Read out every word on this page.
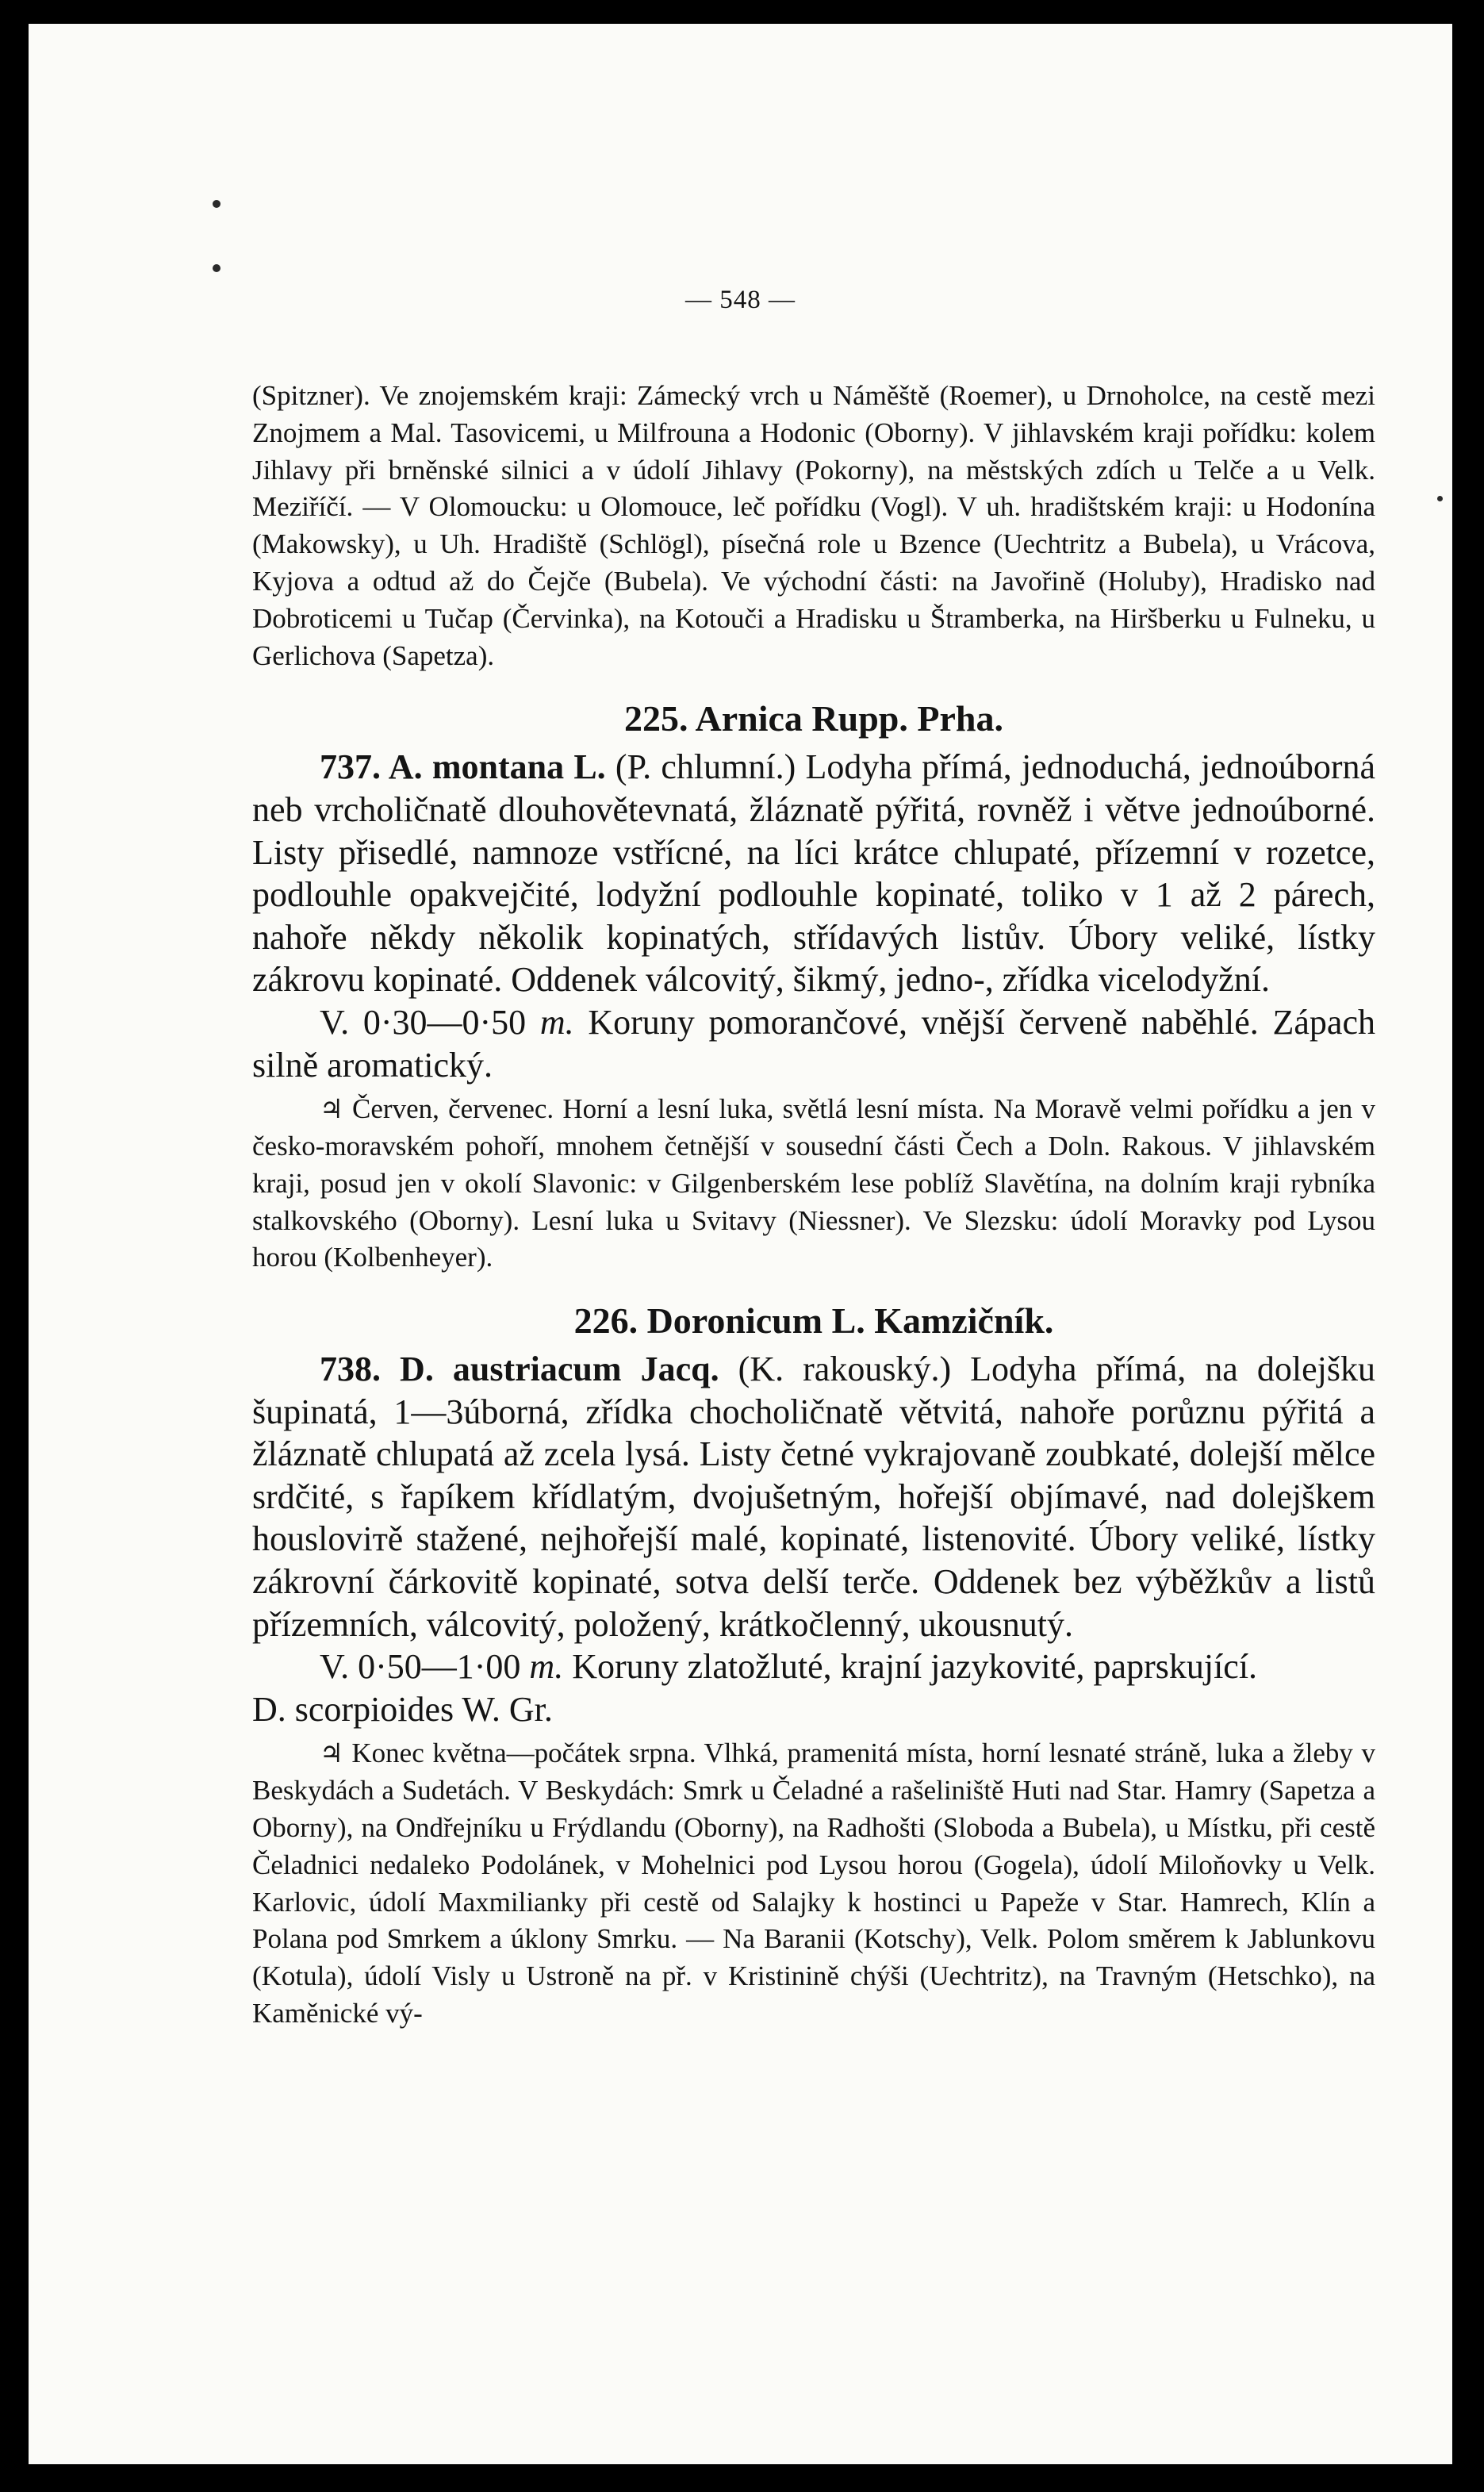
— 548 —

(Spitzner). Ve znojemském kraji: Zámecký vrch u Náměště (Roemer), u Drnoholce, na cestě mezi Znojmem a Mal. Tasovicemi, u Milfrouna a Hodonic (Oborny). V jihlavském kraji pořídku: kolem Jihlavy při brněnské silnici a v údolí Jihlavy (Pokorny), na městských zdích u Telče a u Velk. Meziříčí. — V Olomoucku: u Olomouce, leč pořídku (Vogl). V uh. hradištském kraji: u Hodonína (Makowsky), u Uh. Hradiště (Schlögl), písečná role u Bzence (Uechtritz a Bubela), u Vrácova, Kyjova a odtud až do Čejče (Bubela). Ve východní části: na Javořině (Holuby), Hradisko nad Dobroticemi u Tučap (Červinka), na Kotouči a Hradisku u Štramberka, na Hiršberku u Fulneku, u Gerlichova (Sapetza).

225. Arnica Rupp. Prha.

737. A. montana L. (P. chlumní.) Lodyha přímá, jednoduchá, jednoúborná neb vrcholičnatě dlouhovětevnatá, žláznatě pýřitá, rovněž i větve jednoúborné. Listy přisedlé, namnoze vstřícné, na líci krátce chlupaté, přízemní v rozetce, podlouhle opakvejčité, lodyžní podlouhle kopinaté, toliko v 1 až 2 párech, nahoře někdy několik kopinatých, střídavých listův. Úbory veliké, lístky zákrovu kopinaté. Oddenek válcovitý, šikmý, jedno-, zřídka vicelodyžní.

V. 0·30—0·50 m. Koruny pomorančové, vnější červeně naběhlé. Zápach silně aromatický.

♃ Červen, červenec. Horní a lesní luka, světlá lesní místa. Na Moravě velmi pořídku a jen v česko-moravském pohoří, mnohem četnější v sousední části Čech a Doln. Rakous. V jihlavském kraji, posud jen v okolí Slavonic: v Gilgenberském lese poblíž Slavětína, na dolním kraji rybníka stalkovského (Oborny). Lesní luka u Svitavy (Niessner). Ve Slezsku: údolí Moravky pod Lysou horou (Kolbenheyer).

226. Doronicum L. Kamzičník.

738. D. austriacum Jacq. (K. rakouský.) Lodyha přímá, na dolejšku šupinatá, 1—3úborná, zřídka chocholičnatě větvitá, nahoře porůznu pýřitá a žláznatě chlupatá až zcela lysá. Listy četné vykrajovaně zoubkaté, dolejší mělce srdčité, s řapíkem křídlatým, dvojušetným, hořejší objímavé, nad dolejškem housloviтě stažené, nejhořejší malé, kopinaté, listenovité. Úbory veliké, lístky zákrovní čárkovitě kopinaté, sotva delší terče. Oddenek bez výběžkův a listů přízemních, válcovitý, položený, krátkočlenný, ukousnutý.

V. 0·50—1·00 m. Koruny zlatožluté, krajní jazykovité, paprskující.

D. scorpioides W. Gr.

♃ Konec května—počátek srpna. Vlhká, pramenitá místa, horní lesnaté stráně, luka a žleby v Beskydách a Sudetách. V Beskydách: Smrk u Čeladné a rašeliniště Huti nad Star. Hamry (Sapetza a Oborny), na Ondřejníku u Frýdlandu (Oborny), na Radhošti (Sloboda a Bubela), u Místku, při cestě Čeladnici nedaleko Podolánek, v Mohelnici pod Lysou horou (Gogela), údolí Miloňovky u Velk. Karlovic, údolí Maxmilianky při cestě od Salajky k hostinci u Papeže v Star. Hamrech, Klín a Polana pod Smrkem a úklony Smrku. — Na Baranii (Kotschy), Velk. Polom směrem k Jablunkovu (Kotula), údolí Visly u Ustroně na př. v Kristinině chýši (Uechtritz), na Travným (Hetschko), na Kaměnické vý-
